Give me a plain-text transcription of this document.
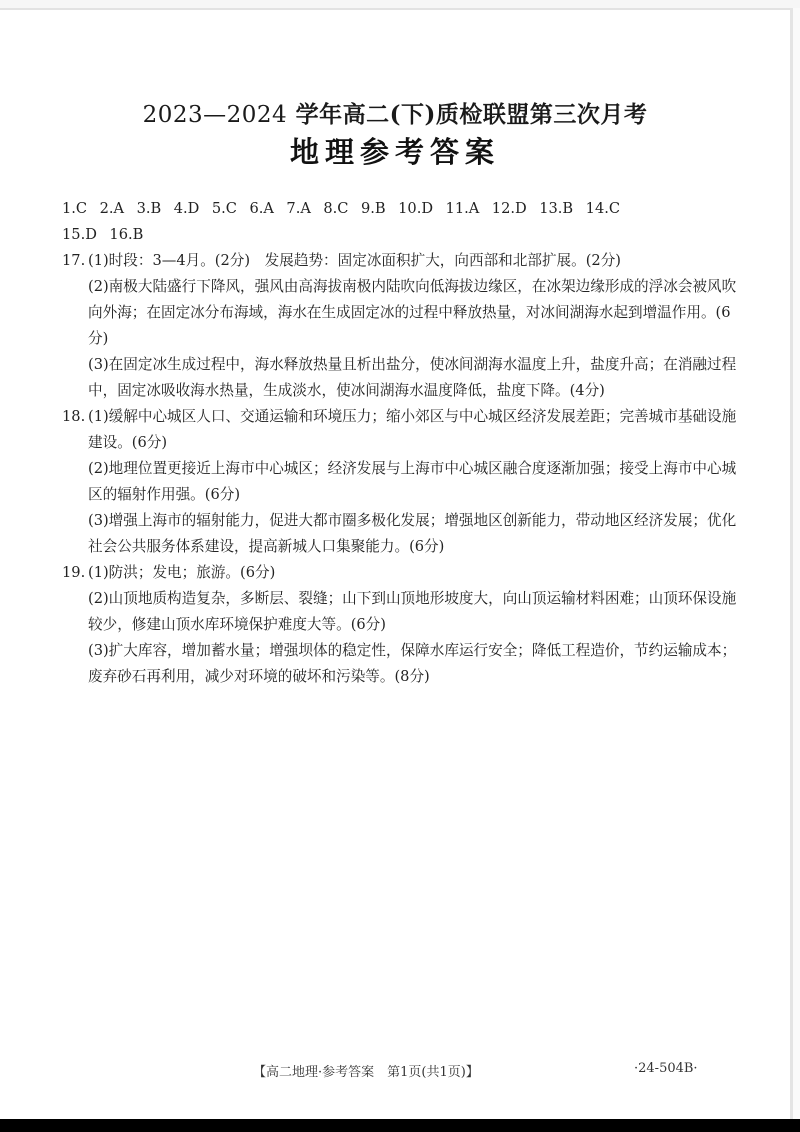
2023—2024 学年高二(下)质检联盟第三次月考
地理参考答案
1.C 2.A 3.B 4.D 5.C 6.A 7.A 8.C 9.B 10.D 11.A 12.D 13.B 14.C
15.D 16.B
17. (1)时段：3—4月。(2分)　发展趋势：固定冰面积扩大，向西部和北部扩展。(2分)
(2)南极大陆盛行下降风，强风由高海拔南极内陆吹向低海拔边缘区，在冰架边缘形成的浮冰会被风吹向外海；在固定冰分布海域，海水在生成固定冰的过程中释放热量，对冰间湖海水起到增温作用。(6分)
(3)在固定冰生成过程中，海水释放热量且析出盐分，使冰间湖海水温度上升，盐度升高；在消融过程中，固定冰吸收海水热量，生成淡水，使冰间湖海水温度降低，盐度下降。(4分)
18. (1)缓解中心城区人口、交通运输和环境压力；缩小郊区与中心城区经济发展差距；完善城市基础设施建设。(6分)
(2)地理位置更接近上海市中心城区；经济发展与上海市中心城区融合度逐渐加强；接受上海市中心城区的辐射作用强。(6分)
(3)增强上海市的辐射能力，促进大都市圈多极化发展；增强地区创新能力，带动地区经济发展；优化社会公共服务体系建设，提高新城人口集聚能力。(6分)
19. (1)防洪；发电；旅游。(6分)
(2)山顶地质构造复杂，多断层、裂缝；山下到山顶地形坡度大，向山顶运输材料困难；山顶环保设施较少，修建山顶水库环境保护难度大等。(6分)
(3)扩大库容，增加蓄水量；增强坝体的稳定性，保障水库运行安全；降低工程造价，节约运输成本；废弃砂石再利用，减少对环境的破坏和污染等。(8分)
【高二地理·参考答案　第1页(共1页)】	·24-504B·
